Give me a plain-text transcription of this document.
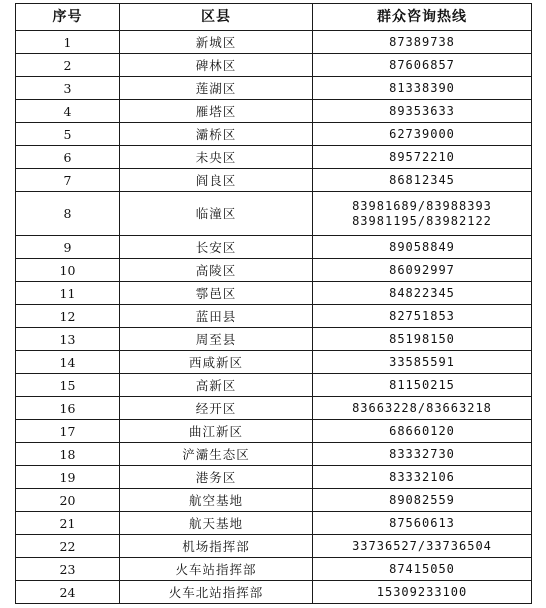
序号	区县	群众咨询热线
1	新城区	87389738

2	碑林区	87606857

3	莲湖区	81338390

4	雁塔区	89353633

5	灞桥区	62739000

6	未央区	89572210

7	阎良区	86812345

8	临潼区	83981689/83988393
83981195/83982122

9	长安区	89058849

10	高陵区	86092997

11	鄠邑区	84822345

12	蓝田县	82751853

13	周至县	85198150

14	西咸新区	33585591

15	高新区	81150215

16	经开区	83663228/83663218

17	曲江新区	68660120

18	浐灞生态区	83332730

19	港务区	83332106

20	航空基地	89082559

21	航天基地	87560613

22	机场指挥部	33736527/33736504

23	火车站指挥部	87415050

24	火车北站指挥部	15309233100
